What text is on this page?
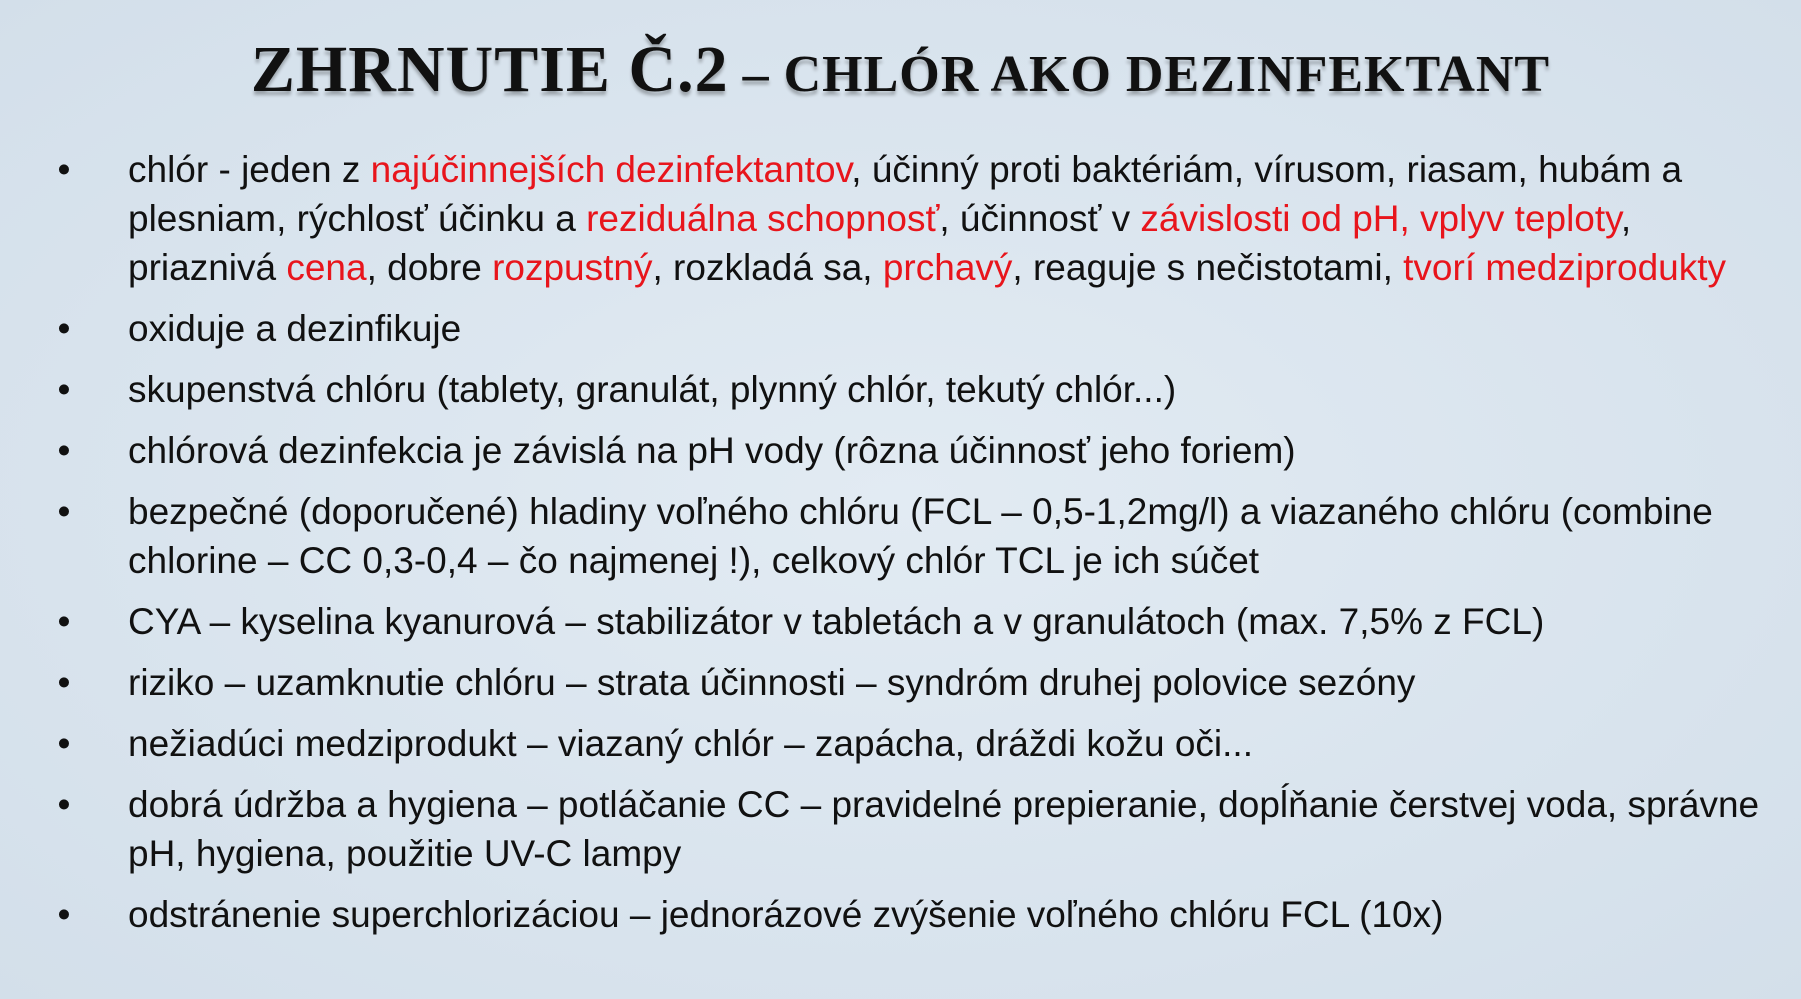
ZHRNUTIE Č.2 – CHLÓR AKO DEZINFEKTANT
• chlór - jeden z najúčinnejších dezinfektantov, účinný proti baktériám, vírusom, riasam, hubám a plesniam, rýchlosť účinku a reziduálna schopnosť, účinnosť v závislosti od pH, vplyv teploty, priaznivá cena, dobre rozpustný, rozkladá sa, prchavý, reaguje s nečistotami, tvorí medziprodukty
• oxiduje a dezinfikuje
• skupenstvá chlóru (tablety, granulát, plynný chlór, tekutý chlór...)
• chlórová dezinfekcia je závislá na pH vody (rôzna účinnosť jeho foriem)
• bezpečné (doporučené) hladiny voľného chlóru (FCL – 0,5-1,2mg/l) a viazaného chlóru (combine chlorine – CC 0,3-0,4 – čo najmenej !), celkový chlór TCL je ich súčet
• CYA – kyselina kyanurová – stabilizátor v tabletách a v granulátoch (max. 7,5% z FCL)
• riziko – uzamknutie chlóru – strata účinnosti – syndróm druhej polovice sezóny
• nežiadúci medziprodukt – viazaný chlór – zapácha, dráždi kožu oči...
• dobrá údržba a hygiena – potláčanie CC – pravidelné prepieranie, dopĺňanie čerstvej voda, správne pH, hygiena, použitie UV-C lampy
• odstránenie superchlorizáciou – jednorázové zvýšenie voľného chlóru FCL (10x)
